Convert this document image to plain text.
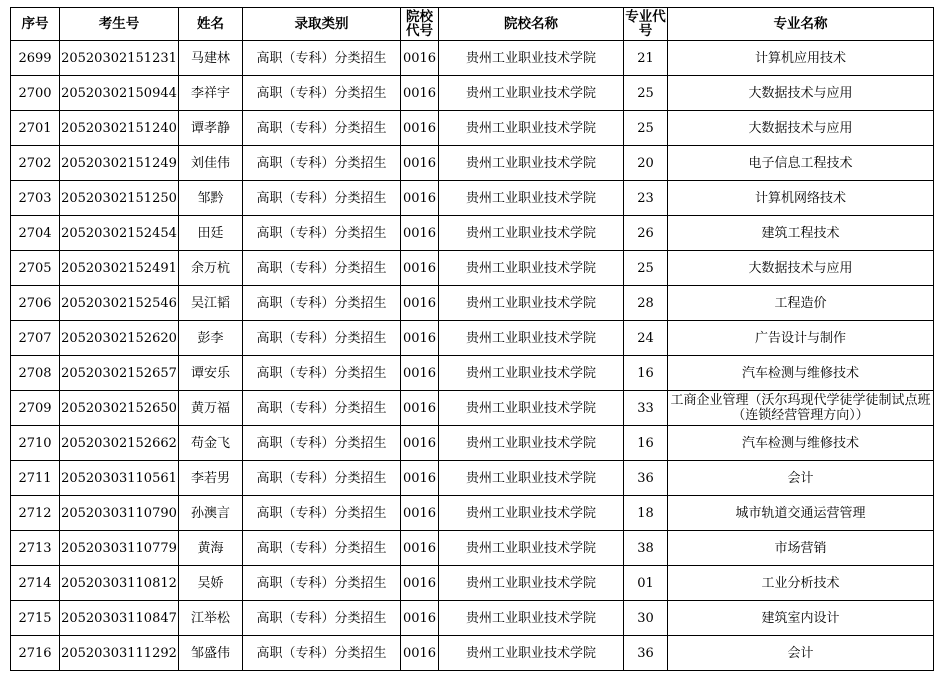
序号	考生号	姓名	录取类别	院校代号	院校名称	专业代号	专业名称
2699	20520302151231	马建林	高职（专科）分类招生	0016	贵州工业职业技术学院	21	计算机应用技术
2700	20520302150944	李祥宇	高职（专科）分类招生	0016	贵州工业职业技术学院	25	大数据技术与应用
2701	20520302151240	谭孝静	高职（专科）分类招生	0016	贵州工业职业技术学院	25	大数据技术与应用
2702	20520302151249	刘佳伟	高职（专科）分类招生	0016	贵州工业职业技术学院	20	电子信息工程技术
2703	20520302151250	邹黔	高职（专科）分类招生	0016	贵州工业职业技术学院	23	计算机网络技术
2704	20520302152454	田廷	高职（专科）分类招生	0016	贵州工业职业技术学院	26	建筑工程技术
2705	20520302152491	余万杭	高职（专科）分类招生	0016	贵州工业职业技术学院	25	大数据技术与应用
2706	20520302152546	吴江韬	高职（专科）分类招生	0016	贵州工业职业技术学院	28	工程造价
2707	20520302152620	彭李	高职（专科）分类招生	0016	贵州工业职业技术学院	24	广告设计与制作
2708	20520302152657	谭安乐	高职（专科）分类招生	0016	贵州工业职业技术学院	16	汽车检测与维修技术
2709	20520302152650	黄万福	高职（专科）分类招生	0016	贵州工业职业技术学院	33	工商企业管理（沃尔玛现代学徒学徒制试点班（连锁经营管理方向））
2710	20520302152662	苟金飞	高职（专科）分类招生	0016	贵州工业职业技术学院	16	汽车检测与维修技术
2711	20520303110561	李若男	高职（专科）分类招生	0016	贵州工业职业技术学院	36	会计
2712	20520303110790	孙澳言	高职（专科）分类招生	0016	贵州工业职业技术学院	18	城市轨道交通运营管理
2713	20520303110779	黄海	高职（专科）分类招生	0016	贵州工业职业技术学院	38	市场营销
2714	20520303110812	吴娇	高职（专科）分类招生	0016	贵州工业职业技术学院	01	工业分析技术
2715	20520303110847	江举松	高职（专科）分类招生	0016	贵州工业职业技术学院	30	建筑室内设计
2716	20520303111292	邹盛伟	高职（专科）分类招生	0016	贵州工业职业技术学院	36	会计
